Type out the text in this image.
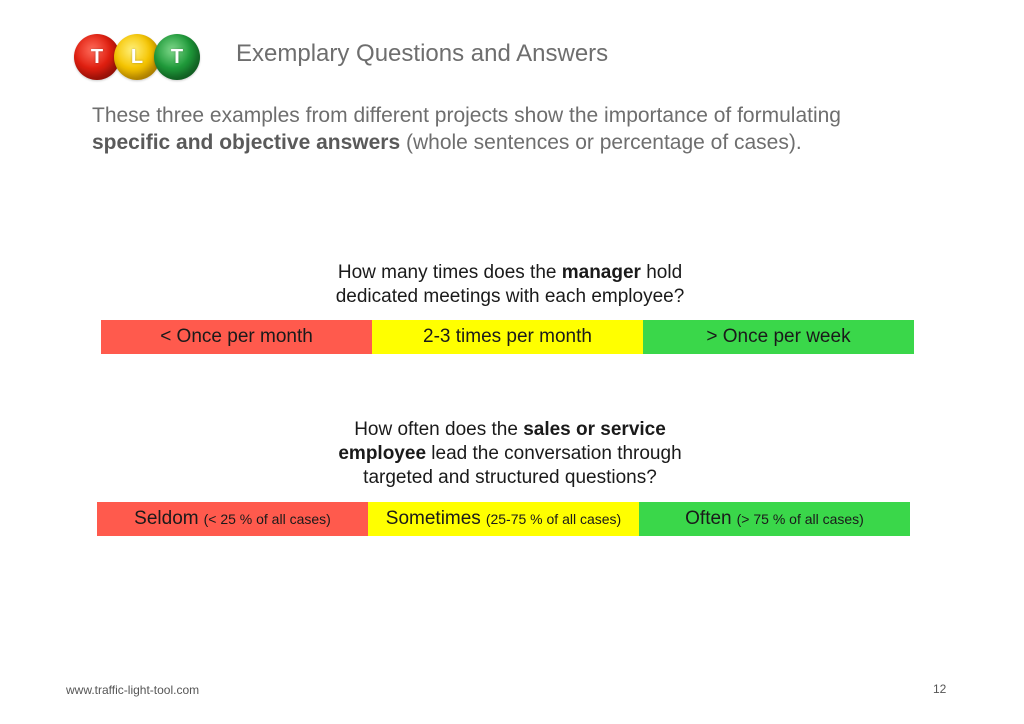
T L T Exemplary Questions and Answers

These three examples from different projects show the importance of formulating
specific and objective answers (whole sentences or percentage of cases).

How many times does the manager hold
dedicated meetings with each employee?

< Once per month	2-3 times per month	> Once per week

How often does the sales or service
employee lead the conversation through
targeted and structured questions?

Seldom (< 25 % of all cases)	Sometimes (25-75 % of all cases)	Often (> 75 % of all cases)
www.traffic-light-tool.com	12
